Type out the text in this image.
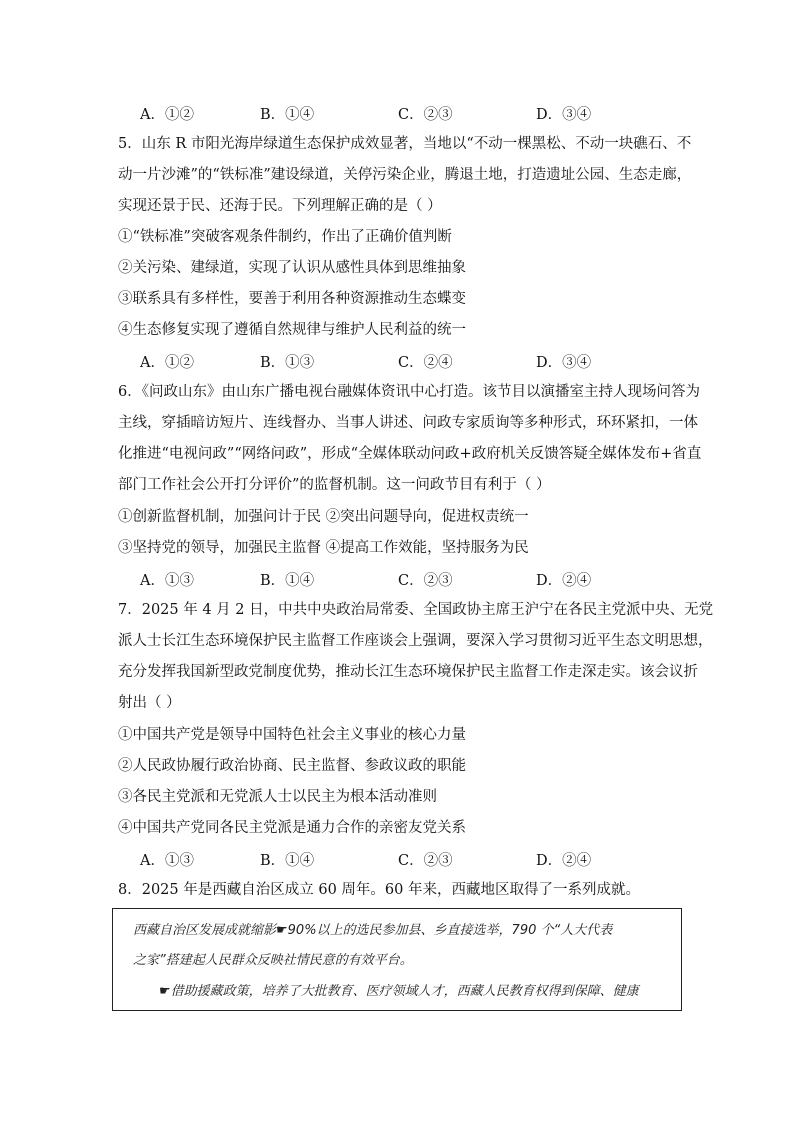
A．①②	B．①④	C．②③	D．③④
5．山东 R 市阳光海岸绿道生态保护成效显著，当地以“不动一棵黑松、不动一块礁石、不
动一片沙滩”的“铁标准”建设绿道，关停污染企业，腾退土地，打造遗址公园、生态走廊，
实现还景于民、还海于民。下列理解正确的是（ ）
①“铁标准”突破客观条件制约，作出了正确价值判断
②关污染、建绿道，实现了认识从感性具体到思维抽象
③联系具有多样性，要善于利用各种资源推动生态蝶变
④生态修复实现了遵循自然规律与维护人民利益的统一
A．①②	B．①③	C．②④	D．③④
6．《问政山东》由山东广播电视台融媒体资讯中心打造。该节目以演播室主持人现场问答为
主线，穿插暗访短片、连线督办、当事人讲述、问政专家质询等多种形式，环环紧扣，一体
化推进“电视问政”“网络问政”，形成“全媒体联动问政+政府机关反馈答疑全媒体发布+省直
部门工作社会公开打分评价”的监督机制。这一问政节目有利于（ ）
①创新监督机制，加强问计于民 ②突出问题导向，促进权责统一
③坚持党的领导，加强民主监督 ④提高工作效能，坚持服务为民
A．①③	B．①④	C．②③	D．②④
7．2025 年 4 月 2 日，中共中央政治局常委、全国政协主席王沪宁在各民主党派中央、无党
派人士长江生态环境保护民主监督工作座谈会上强调，要深入学习贯彻习近平生态文明思想，
充分发挥我国新型政党制度优势，推动长江生态环境保护民主监督工作走深走实。该会议折
射出（ ）
①中国共产党是领导中国特色社会主义事业的核心力量
②人民政协履行政治协商、民主监督、参政议政的职能
③各民主党派和无党派人士以民主为根本活动准则
④中国共产党同各民主党派是通力合作的亲密友党关系
A．①③	B．①④	C．②③	D．②④
8．2025 年是西藏自治区成立 60 周年。60 年来，西藏地区取得了一系列成就。
西藏自治区发展成就缩影☛90%以上的选民参加县、乡直接选举，790 个“人大代表
之家”搭建起人民群众反映社情民意的有效平台。
☛借助援藏政策，培养了大批教育、医疗领域人才，西藏人民教育权得到保障、健康
